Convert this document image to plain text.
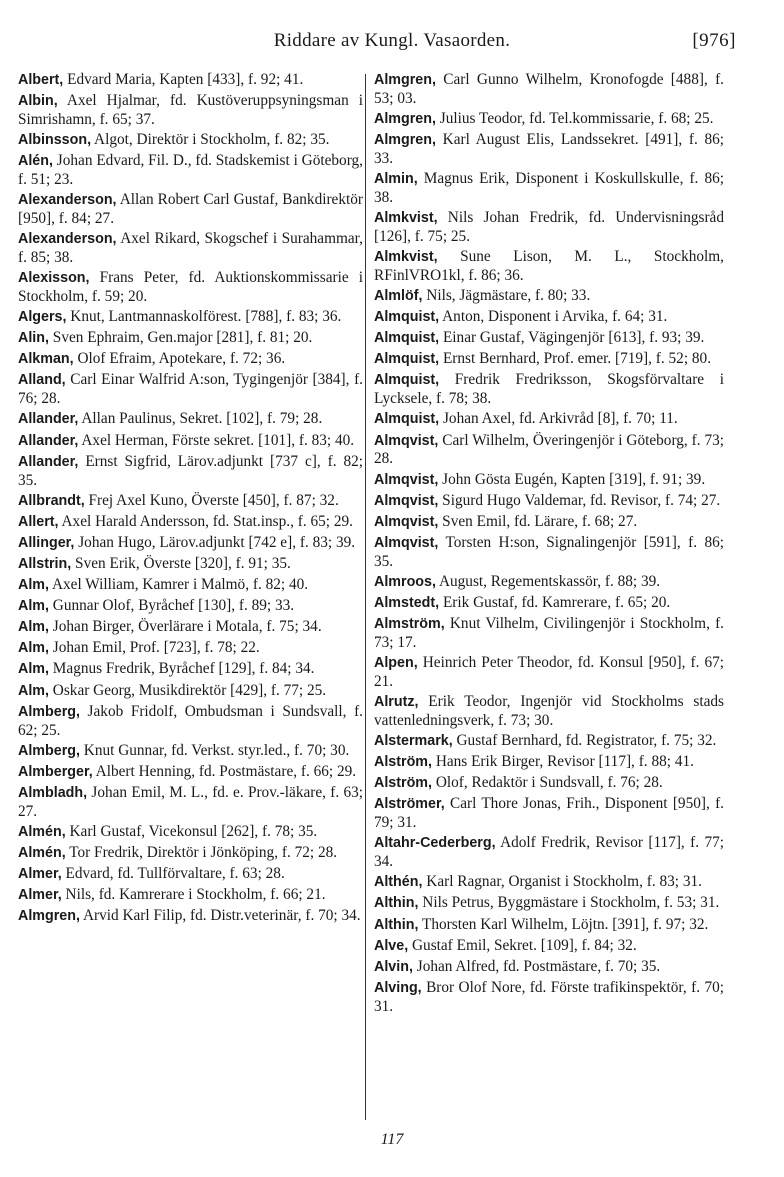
Riddare av Kungl. Vasaorden.	[976]

Albert, Edvard Maria, Kapten [433], f. 92; 41.

Albin, Axel Hjalmar, fd. Kustöveruppsyningsman i Simrishamn, f. 65; 37.

Albinsson, Algot, Direktör i Stockholm, f. 82; 35.

Alén, Johan Edvard, Fil. D., fd. Stadskemist i Göteborg, f. 51; 23.

Alexanderson, Allan Robert Carl Gustaf, Bankdirektör [950], f. 84; 27.

Alexanderson, Axel Rikard, Skogschef i Surahammar, f. 85; 38.

Alexisson, Frans Peter, fd. Auktionskommissarie i Stockholm, f. 59; 20.

Algers, Knut, Lantmannaskolförest. [788], f. 83; 36.

Alin, Sven Ephraim, Gen.major [281], f. 81; 20.

Alkman, Olof Efraim, Apotekare, f. 72; 36.

Alland, Carl Einar Walfrid A:son, Tygingenjör [384], f. 76; 28.

Allander, Allan Paulinus, Sekret. [102], f. 79; 28.

Allander, Axel Herman, Förste sekret. [101], f. 83; 40.

Allander, Ernst Sigfrid, Lärov.adjunkt [737 c], f. 82; 35.

Allbrandt, Frej Axel Kuno, Överste [450], f. 87; 32.

Allert, Axel Harald Andersson, fd. Stat.insp., f. 65; 29.

Allinger, Johan Hugo, Lärov.adjunkt [742 e], f. 83; 39.

Allstrin, Sven Erik, Överste [320], f. 91; 35.

Alm, Axel William, Kamrer i Malmö, f. 82; 40.

Alm, Gunnar Olof, Byråchef [130], f. 89; 33.

Alm, Johan Birger, Överlärare i Motala, f. 75; 34.

Alm, Johan Emil, Prof. [723], f. 78; 22.

Alm, Magnus Fredrik, Byråchef [129], f. 84; 34.

Alm, Oskar Georg, Musikdirektör [429], f. 77; 25.

Almberg, Jakob Fridolf, Ombudsman i Sundsvall, f. 62; 25.

Almberg, Knut Gunnar, fd. Verkst. styr.led., f. 70; 30.

Almberger, Albert Henning, fd. Postmästare, f. 66; 29.

Almbladh, Johan Emil, M. L., fd. e. Prov.-läkare, f. 63; 27.

Almén, Karl Gustaf, Vicekonsul [262], f. 78; 35.

Almén, Tor Fredrik, Direktör i Jönköping, f. 72; 28.

Almer, Edvard, fd. Tullförvaltare, f. 63; 28.

Almer, Nils, fd. Kamrerare i Stockholm, f. 66; 21.

Almgren, Arvid Karl Filip, fd. Distr.veterinär, f. 70; 34.

Almgren, Carl Gunno Wilhelm, Kronofogde [488], f. 53; 03.

Almgren, Julius Teodor, fd. Tel.kommissarie, f. 68; 25.

Almgren, Karl August Elis, Landssekret. [491], f. 86; 33.

Almin, Magnus Erik, Disponent i Koskullskulle, f. 86; 38.

Almkvist, Nils Johan Fredrik, fd. Undervisningsråd [126], f. 75; 25.

Almkvist, Sune Lison, M. L., Stockholm, RFinlVRO1kl, f. 86; 36.

Almlöf, Nils, Jägmästare, f. 80; 33.

Almquist, Anton, Disponent i Arvika, f. 64; 31.

Almquist, Einar Gustaf, Vägingenjör [613], f. 93; 39.

Almquist, Ernst Bernhard, Prof. emer. [719], f. 52; 80.

Almquist, Fredrik Fredriksson, Skogsförvaltare i Lycksele, f. 78; 38.

Almquist, Johan Axel, fd. Arkivråd [8], f. 70; 11.

Almqvist, Carl Wilhelm, Överingenjör i Göteborg, f. 73; 28.

Almqvist, John Gösta Eugén, Kapten [319], f. 91; 39.

Almqvist, Sigurd Hugo Valdemar, fd. Revisor, f. 74; 27.

Almqvist, Sven Emil, fd. Lärare, f. 68; 27.

Almqvist, Torsten H:son, Signalingenjör [591], f. 86; 35.

Almroos, August, Regementskassör, f. 88; 39.

Almstedt, Erik Gustaf, fd. Kamrerare, f. 65; 20.

Almström, Knut Vilhelm, Civilingenjör i Stockholm, f. 73; 17.

Alpen, Heinrich Peter Theodor, fd. Konsul [950], f. 67; 21.

Alrutz, Erik Teodor, Ingenjör vid Stockholms stads vattenledningsverk, f. 73; 30.

Alstermark, Gustaf Bernhard, fd. Registrator, f. 75; 32.

Alström, Hans Erik Birger, Revisor [117], f. 88; 41.

Alström, Olof, Redaktör i Sundsvall, f. 76; 28.

Alströmer, Carl Thore Jonas, Frih., Disponent [950], f. 79; 31.

Altahr-Cederberg, Adolf Fredrik, Revisor [117], f. 77; 34.

Althén, Karl Ragnar, Organist i Stockholm, f. 83; 31.

Althin, Nils Petrus, Byggmästare i Stockholm, f. 53; 31.

Althin, Thorsten Karl Wilhelm, Löjtn. [391], f. 97; 32.

Alve, Gustaf Emil, Sekret. [109], f. 84; 32.

Alvin, Johan Alfred, fd. Postmästare, f. 70; 35.

Alving, Bror Olof Nore, fd. Förste trafikinspektör, f. 70; 31.

117
